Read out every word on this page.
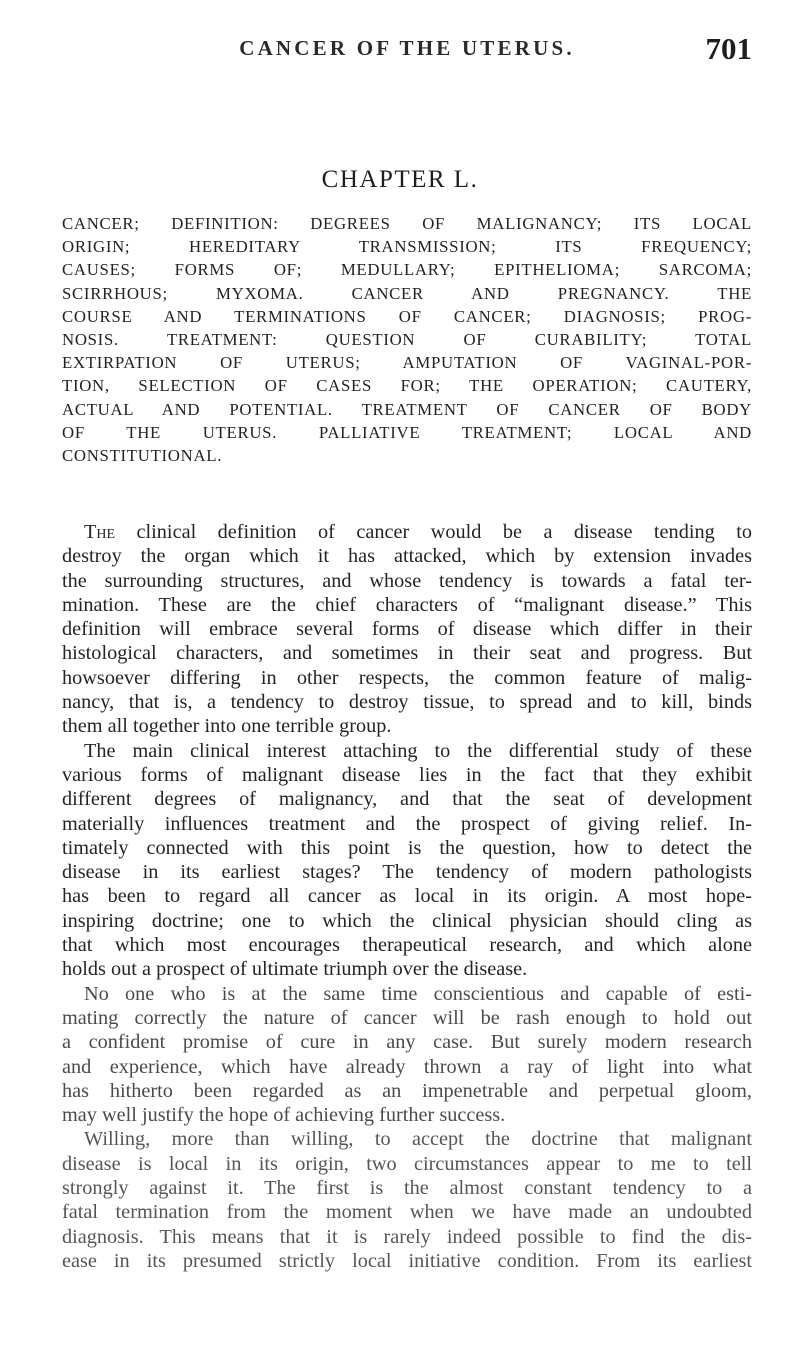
CANCER OF THE UTERUS.	701
CHAPTER L.
CANCER; DEFINITION: DEGREES OF MALIGNANCY; ITS LOCAL
ORIGIN; HEREDITARY TRANSMISSION; ITS FREQUENCY;
CAUSES; FORMS OF; MEDULLARY; EPITHELIOMA; SARCOMA;
SCIRRHOUS; MYXOMA. CANCER AND PREGNANCY. THE
COURSE AND TERMINATIONS OF CANCER; DIAGNOSIS; PROG-
NOSIS. TREATMENT: QUESTION OF CURABILITY; TOTAL
EXTIRPATION OF UTERUS; AMPUTATION OF VAGINAL-POR-
TION, SELECTION OF CASES FOR; THE OPERATION; CAUTERY,
ACTUAL AND POTENTIAL. TREATMENT OF CANCER OF BODY
OF THE UTERUS. PALLIATIVE TREATMENT; LOCAL AND
CONSTITUTIONAL.
The clinical definition of cancer would be a disease tending to
destroy the organ which it has attacked, which by extension invades
the surrounding structures, and whose tendency is towards a fatal ter-
mination. These are the chief characters of “malignant disease.” This
definition will embrace several forms of disease which differ in their
histological characters, and sometimes in their seat and progress. But
howsoever differing in other respects, the common feature of malig-
nancy, that is, a tendency to destroy tissue, to spread and to kill, binds
them all together into one terrible group.
The main clinical interest attaching to the differential study of these
various forms of malignant disease lies in the fact that they exhibit
different degrees of malignancy, and that the seat of development
materially influences treatment and the prospect of giving relief. In-
timately connected with this point is the question, how to detect the
disease in its earliest stages? The tendency of modern pathologists
has been to regard all cancer as local in its origin. A most hope-
inspiring doctrine; one to which the clinical physician should cling as
that which most encourages therapeutical research, and which alone
holds out a prospect of ultimate triumph over the disease.
No one who is at the same time conscientious and capable of esti-
mating correctly the nature of cancer will be rash enough to hold out
a confident promise of cure in any case. But surely modern research
and experience, which have already thrown a ray of light into what
has hitherto been regarded as an impenetrable and perpetual gloom,
may well justify the hope of achieving further success.
Willing, more than willing, to accept the doctrine that malignant
disease is local in its origin, two circumstances appear to me to tell
strongly against it. The first is the almost constant tendency to a
fatal termination from the moment when we have made an undoubted
diagnosis. This means that it is rarely indeed possible to find the dis-
ease in its presumed strictly local initiative condition. From its earliest
